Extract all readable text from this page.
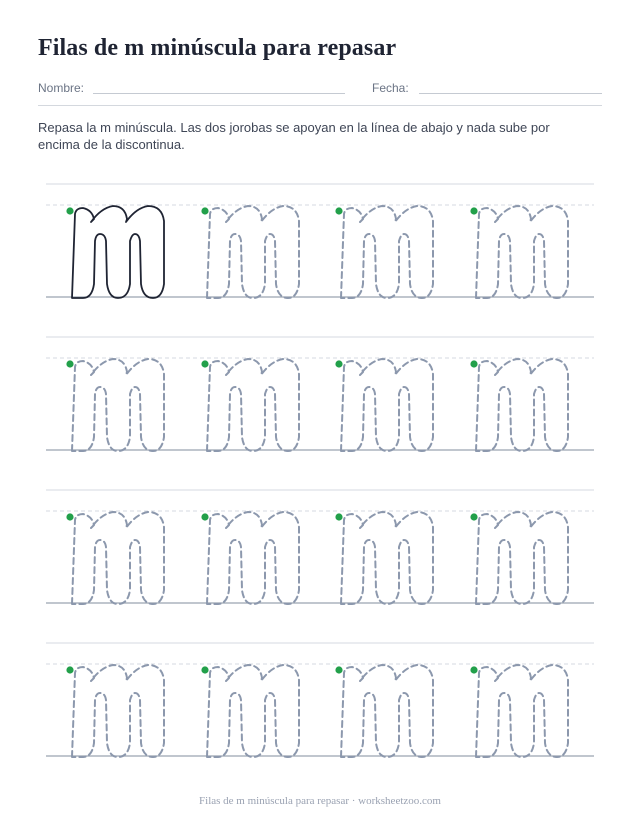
Filas de m minúscula para repasar
Nombre:	Fecha:

Repasa la m minúscula. Las dos jorobas se apoyan en la línea de abajo y nada sube por encima de la discontinua.

Filas de m minúscula para repasar · worksheetzoo.com
